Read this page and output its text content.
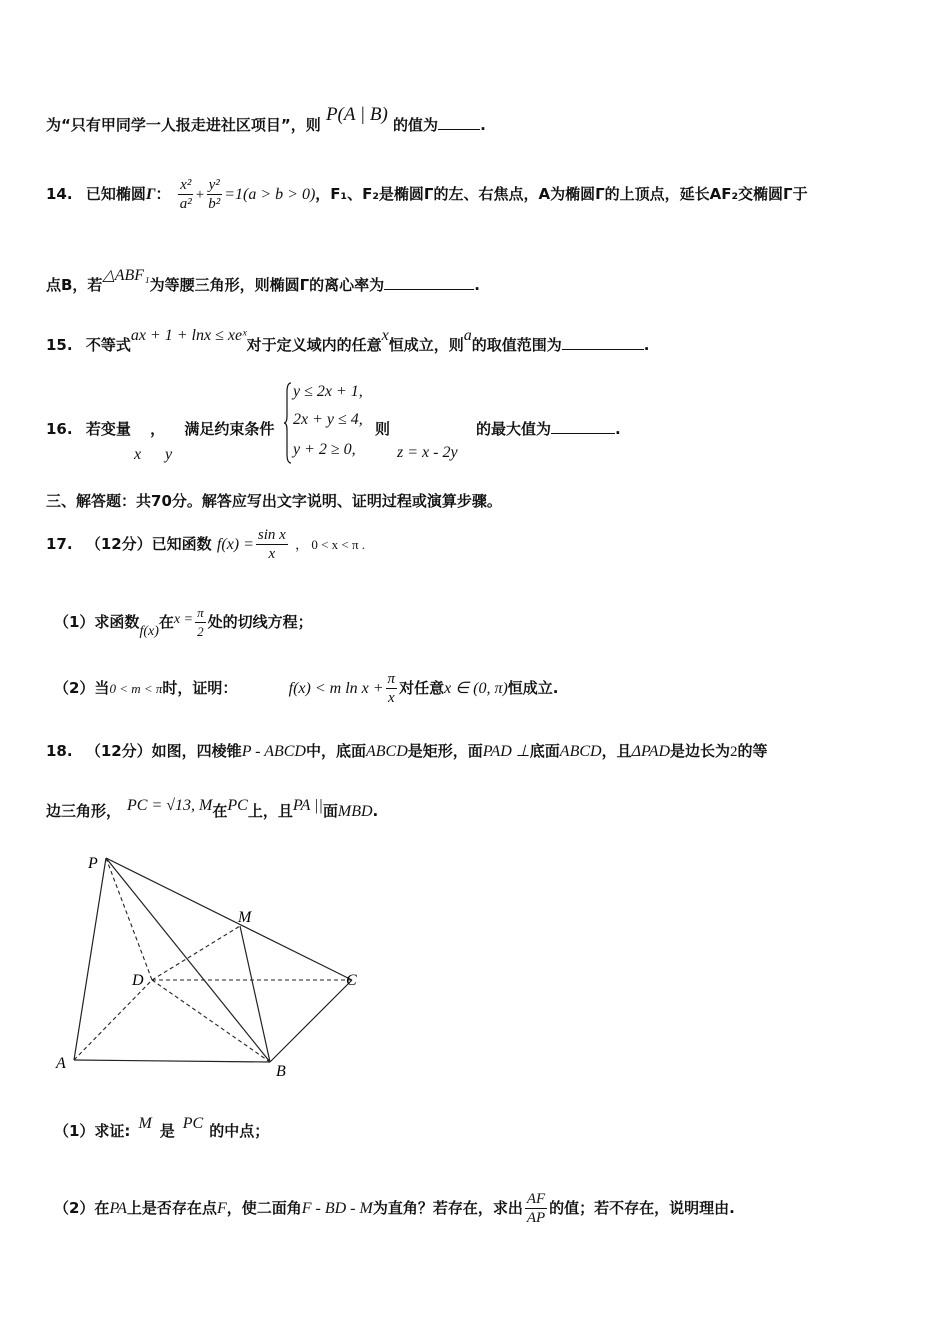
为“只有甲同学一人报走进社区项目”，则 P(A | B) 的值为	.
14. 已知椭圆Γ： $\frac{\text{x²}}{\text{a²}} + \frac{\text{y²}}{\text{b²}} =1(a > b > 0)$，F₁、F₂是椭圆Γ的左、右焦点，A为椭圆Γ的上顶点，延长AF₂交椭圆Γ于
点B，若△ABF₁为等腰三角形，则椭圆Γ的离心率为	.
15. 不等式ax + 1 + lnx ≤ xeˣ对于定义域内的任意x恒成立，则a的取值范围为	.
16. 若变量 ， 满足约束条件
x y
y ≤ 2x + 1,
2x + y ≤ 4,
y + 2 ≥ 0,
则
z = x - 2y
的最大值为	.
三、解答题：共70分。解答应写出文字说明、证明过程或演算步骤。
17. （12分）已知函数 $f(x) = \frac{\text{sin x}}{x}$ ， 0 < x < π .
（1）求函数f(x)在$x = \frac{\pi}{2}$ 处的切线方程；
（2）当0 < m < π时，证明：	f(x) < m $\ln x + \frac{\pi}{x}$ 对任意x ∈ (0, π)恒成立.
18. （12分）如图，四棱锥P - ABCD中，底面ABCD是矩形，面PAD ⊥底面ABCD，且ΔPAD是边长为2的等
边三角形， PC = √13, M在PC上，且PA ||面MBD.
P
M
D	C
A	B
（1）求证: M 是 PC 的中点；
（2）在PA上是否存在点F，使二面角F - BD - M为直角？若存在，求出 $\frac{AF}{AP}$ 的值；若不存在，说明理由.
